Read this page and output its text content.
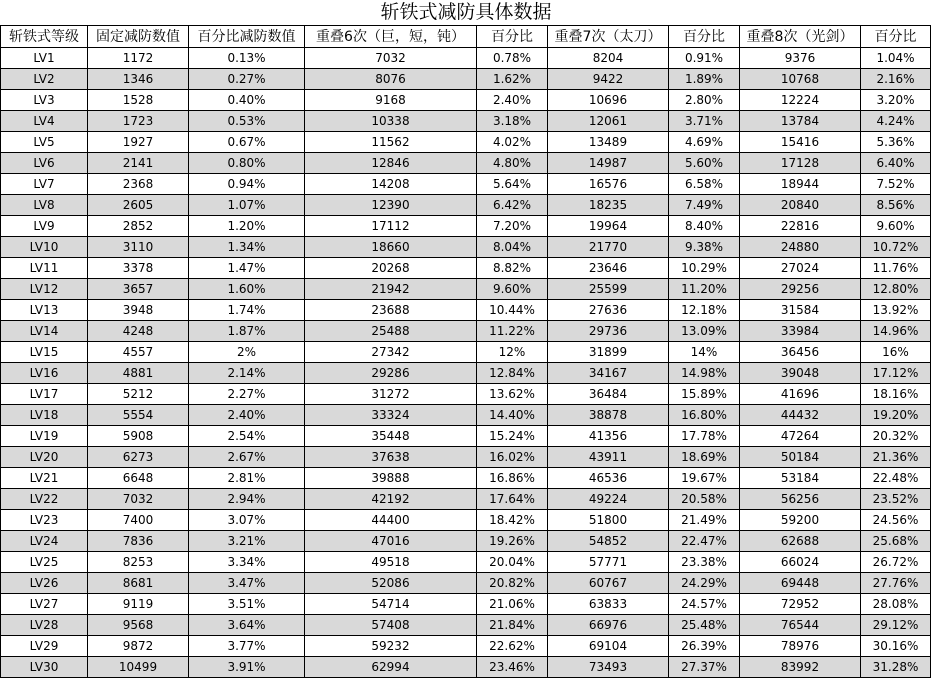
斩铁式减防具体数据
斩铁式等级	固定减防数值	百分比减防数值	重叠6次（巨，短，钝）	百分比	重叠7次（太刀）	百分比	重叠8次（光剑）	百分比
LV1	1172	0.13%	7032	0.78%	8204	0.91%	9376	1.04%
LV2	1346	0.27%	8076	1.62%	9422	1.89%	10768	2.16%
LV3	1528	0.40%	9168	2.40%	10696	2.80%	12224	3.20%
LV4	1723	0.53%	10338	3.18%	12061	3.71%	13784	4.24%
LV5	1927	0.67%	11562	4.02%	13489	4.69%	15416	5.36%
LV6	2141	0.80%	12846	4.80%	14987	5.60%	17128	6.40%
LV7	2368	0.94%	14208	5.64%	16576	6.58%	18944	7.52%
LV8	2605	1.07%	12390	6.42%	18235	7.49%	20840	8.56%
LV9	2852	1.20%	17112	7.20%	19964	8.40%	22816	9.60%
LV10	3110	1.34%	18660	8.04%	21770	9.38%	24880	10.72%
LV11	3378	1.47%	20268	8.82%	23646	10.29%	27024	11.76%
LV12	3657	1.60%	21942	9.60%	25599	11.20%	29256	12.80%
LV13	3948	1.74%	23688	10.44%	27636	12.18%	31584	13.92%
LV14	4248	1.87%	25488	11.22%	29736	13.09%	33984	14.96%
LV15	4557	2%	27342	12%	31899	14%	36456	16%
LV16	4881	2.14%	29286	12.84%	34167	14.98%	39048	17.12%
LV17	5212	2.27%	31272	13.62%	36484	15.89%	41696	18.16%
LV18	5554	2.40%	33324	14.40%	38878	16.80%	44432	19.20%
LV19	5908	2.54%	35448	15.24%	41356	17.78%	47264	20.32%
LV20	6273	2.67%	37638	16.02%	43911	18.69%	50184	21.36%
LV21	6648	2.81%	39888	16.86%	46536	19.67%	53184	22.48%
LV22	7032	2.94%	42192	17.64%	49224	20.58%	56256	23.52%
LV23	7400	3.07%	44400	18.42%	51800	21.49%	59200	24.56%
LV24	7836	3.21%	47016	19.26%	54852	22.47%	62688	25.68%
LV25	8253	3.34%	49518	20.04%	57771	23.38%	66024	26.72%
LV26	8681	3.47%	52086	20.82%	60767	24.29%	69448	27.76%
LV27	9119	3.51%	54714	21.06%	63833	24.57%	72952	28.08%
LV28	9568	3.64%	57408	21.84%	66976	25.48%	76544	29.12%
LV29	9872	3.77%	59232	22.62%	69104	26.39%	78976	30.16%
LV30	10499	3.91%	62994	23.46%	73493	27.37%	83992	31.28%
